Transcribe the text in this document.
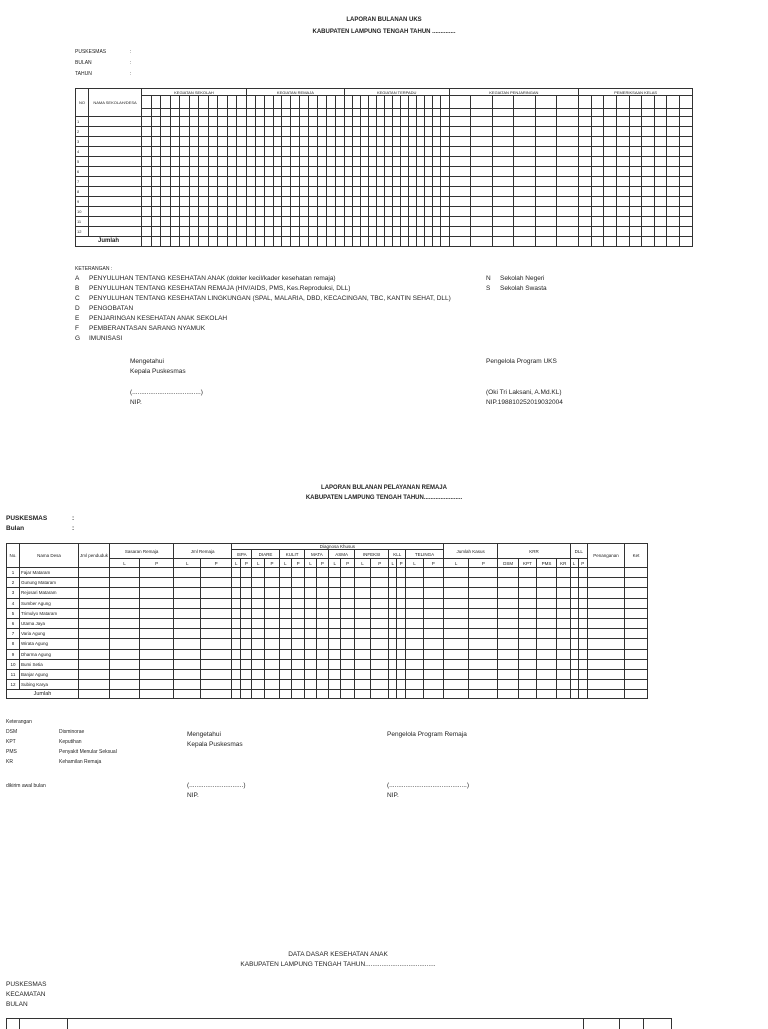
LAPORAN BULANAN UKS
KABUPATEN LAMPUNG TENGAH TAHUN ..............
PUSKESMAS	:
BULAN	:
TAHUN	:
NO	NAMA SEKOLAH/DESA	KEGIATAN SEKOLAH											KEGIATAN REMAJA											KEGIATAN TERPADU													KEGIATAN PENJARINGAN						PEMERIKSAAN KELAS								

1																																																			
2																																																			
3																																																			
4																																																			
5																																																			
6																																																			
7																																																			
8																																																			
9																																																			
10																																																			
11																																																			
12																																																			
Jumlah																																																			
KETERANGAN :
A PENYULUHAN TENTANG KESEHATAN ANAK (dokter kecil/kader kesehatan remaja)
B PENYULUHAN TENTANG KESEHATAN REMAJA (HIV/AIDS, PMS, Kes.Reproduksi, DLL)
C PENYULUHAN TENTANG KESEHATAN LINGKUNGAN (SPAL, MALARIA, DBD, KECACINGAN, TBC, KANTIN SEHAT, DLL)
D PENGOBATAN
E PENJARINGAN KESEHATAN ANAK SEKOLAH
F PEMBERANTASAN SARANG NYAMUK
G IMUNISASI
N Sekolah Negeri
S Sekolah Swasta
Mengetahui
Kepala Puskesmas
(......................................)
NIP.
Pengelola Program UKS
(Oki Tri Laksani, A.Md.KL)
NIP.198810252019032004
LAPORAN BULANAN PELAYANAN REMAJA
KABUPATEN LAMPUNG TENGAH TAHUN.......................
PUSKESMAS	:
Bulan	:
No.	Nama Desa	Jml penduduk	Sasaran Remaja		Jml Remaja		Diagnosa Khusus																Jumlah Kasus		KRR				DLL		Penanganan	Ket
							ISPA		DIARE		KULIT		MATA		ASMA		INFEKSI		KLL		TELINGA											
			L	P	L	P	L	P	L	P	L	P	L	P	L	P	L	P	L	P	L	P	L	P	DSM	KPT	PMS	KR	L	P		
1	Fajar Mataram																															
2	Gunung Mataram																															
3	Rejosari Mataram																															
4	Sumber Agung																															
5	Trimulyo Mataram																															
6	Utama Jaya																															
7	Varia Agung																															
8	Wirata Agung																															
9	Dharma Agung																															
10	Bumi Setia																															
11	Banjar Agung																															
12	Subing Karya																															
Jumlah																																
Keterangan
DSM	Disminorae
KPT	Keputihan
PMS	Penyakit Menular Seksual
KR	Kehamilan Remaja
dikirim awal bulan
Mengetahui
Kepala Puskesmas
(..............................)
NIP.
Pengelola Program Remaja
(...........................................)
NIP.
DATA DASAR KESEHATAN ANAK
KABUPATEN LAMPUNG TENGAH TAHUN.......................................
PUSKESMAS
KECAMATAN
BULAN
